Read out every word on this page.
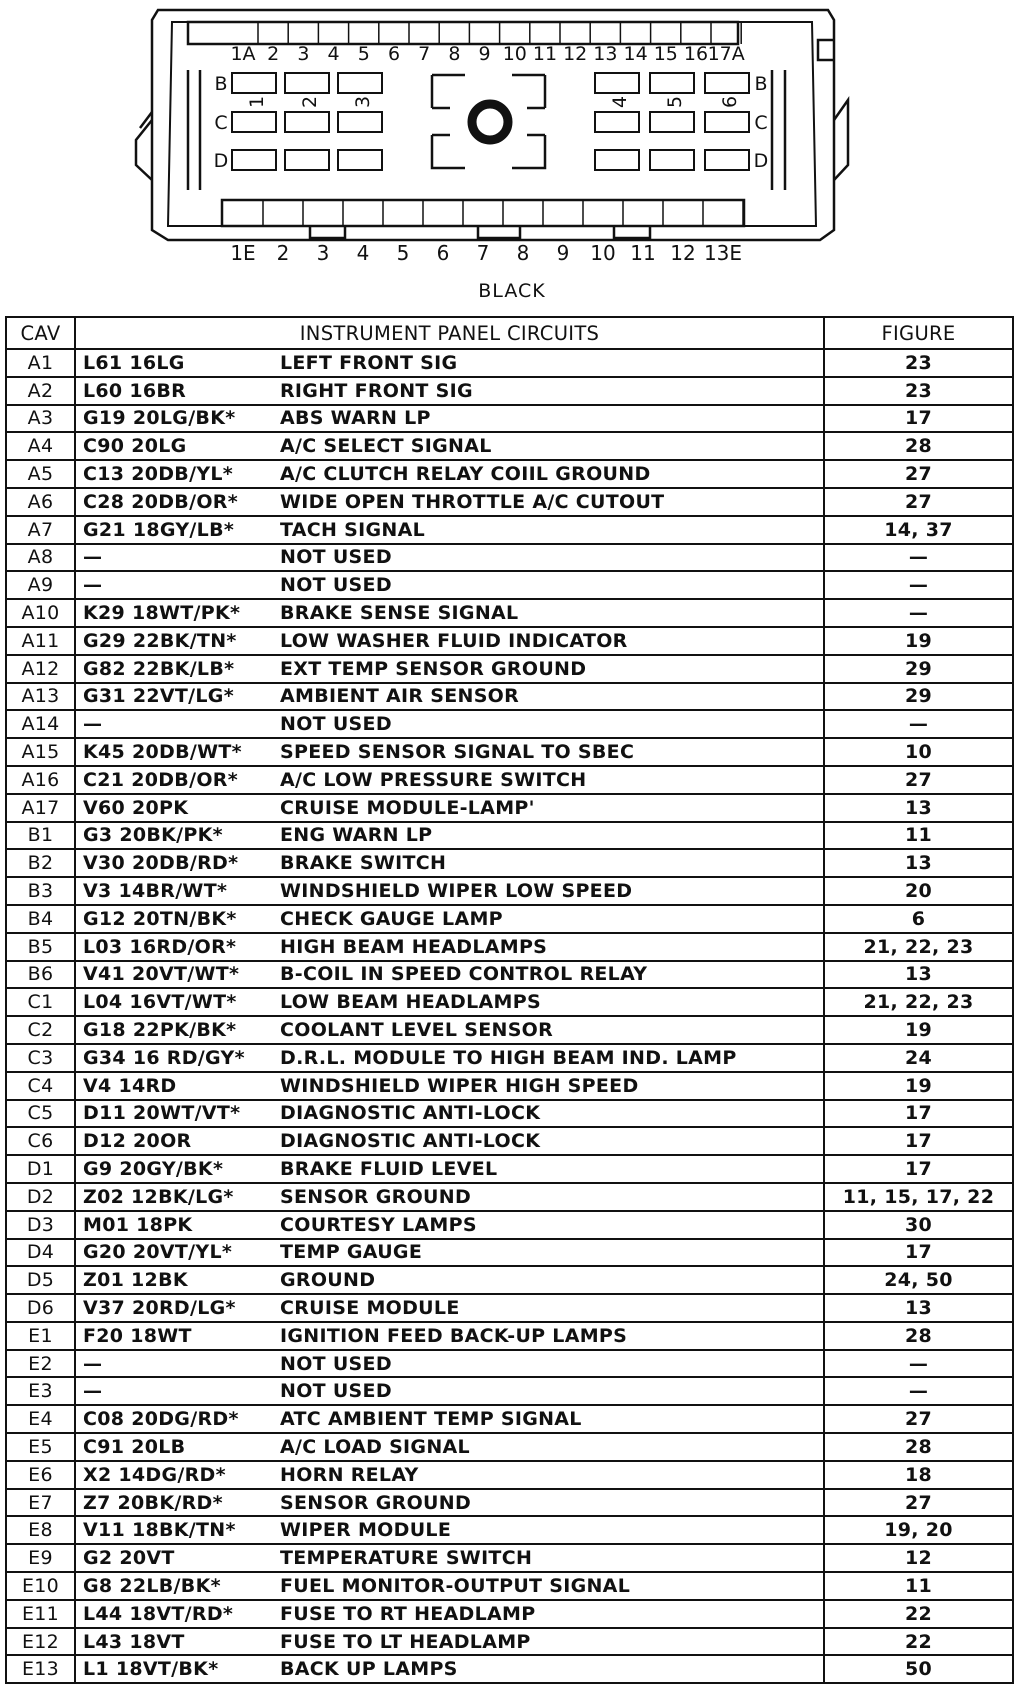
1A 2 3 4 5 6 7 8 9 10 11 12 13 14 15 16 17A
1E 2 3 4 5 6 7 8 9 10 11 12 13E
1 2 3	4 5 6
B
C
D
B
C
D
BLACK
CAV	INSTRUMENT PANEL CIRCUITS		FIGURE
A1	L61 16LG	LEFT FRONT SIG	23
A2	L60 16BR	RIGHT FRONT SIG	23
A3	G19 20LG/BK*	ABS WARN LP	17
A4	C90 20LG	A/C SELECT SIGNAL	28
A5	C13 20DB/YL*	A/C CLUTCH RELAY COIIL GROUND	27
A6	C28 20DB/OR*	WIDE OPEN THROTTLE A/C CUTOUT	27
A7	G21 18GY/LB*	TACH SIGNAL	14, 37
A8	—	NOT USED	—
A9	—	NOT USED	—
A10	K29 18WT/PK*	BRAKE SENSE SIGNAL	—
A11	G29 22BK/TN*	LOW WASHER FLUID INDICATOR	19
A12	G82 22BK/LB*	EXT TEMP SENSOR GROUND	29
A13	G31 22VT/LG*	AMBIENT AIR SENSOR	29
A14	—	NOT USED	—
A15	K45 20DB/WT*	SPEED SENSOR SIGNAL TO SBEC	10
A16	C21 20DB/OR*	A/C LOW PRESSURE SWITCH	27
A17	V60 20PK	CRUISE MODULE-LAMP'	13
B1	G3 20BK/PK*	ENG WARN LP	11
B2	V30 20DB/RD*	BRAKE SWITCH	13
B3	V3 14BR/WT*	WINDSHIELD WIPER LOW SPEED	20
B4	G12 20TN/BK*	CHECK GAUGE LAMP	6
B5	L03 16RD/OR*	HIGH BEAM HEADLAMPS	21, 22, 23
B6	V41 20VT/WT*	B-COIL IN SPEED CONTROL RELAY	13
C1	L04 16VT/WT*	LOW BEAM HEADLAMPS	21, 22, 23
C2	G18 22PK/BK*	COOLANT LEVEL SENSOR	19
C3	G34 16 RD/GY*	D.R.L. MODULE TO HIGH BEAM IND. LAMP	24
C4	V4 14RD	WINDSHIELD WIPER HIGH SPEED	19
C5	D11 20WT/VT*	DIAGNOSTIC ANTI-LOCK	17
C6	D12 20OR	DIAGNOSTIC ANTI-LOCK	17
D1	G9 20GY/BK*	BRAKE FLUID LEVEL	17
D2	Z02 12BK/LG*	SENSOR GROUND	11, 15, 17, 22
D3	M01 18PK	COURTESY LAMPS	30
D4	G20 20VT/YL*	TEMP GAUGE	17
D5	Z01 12BK	GROUND	24, 50
D6	V37 20RD/LG*	CRUISE MODULE	13
E1	F20 18WT	IGNITION FEED BACK-UP LAMPS	28
E2	—	NOT USED	—
E3	—	NOT USED	—
E4	C08 20DG/RD*	ATC AMBIENT TEMP SIGNAL	27
E5	C91 20LB	A/C LOAD SIGNAL	28
E6	X2 14DG/RD*	HORN RELAY	18
E7	Z7 20BK/RD*	SENSOR GROUND	27
E8	V11 18BK/TN*	WIPER MODULE	19, 20
E9	G2 20VT	TEMPERATURE SWITCH	12
E10	G8 22LB/BK*	FUEL MONITOR-OUTPUT SIGNAL	11
E11	L44 18VT/RD*	FUSE TO RT HEADLAMP	22
E12	L43 18VT	FUSE TO LT HEADLAMP	22
E13	L1 18VT/BK*	BACK UP LAMPS	50
